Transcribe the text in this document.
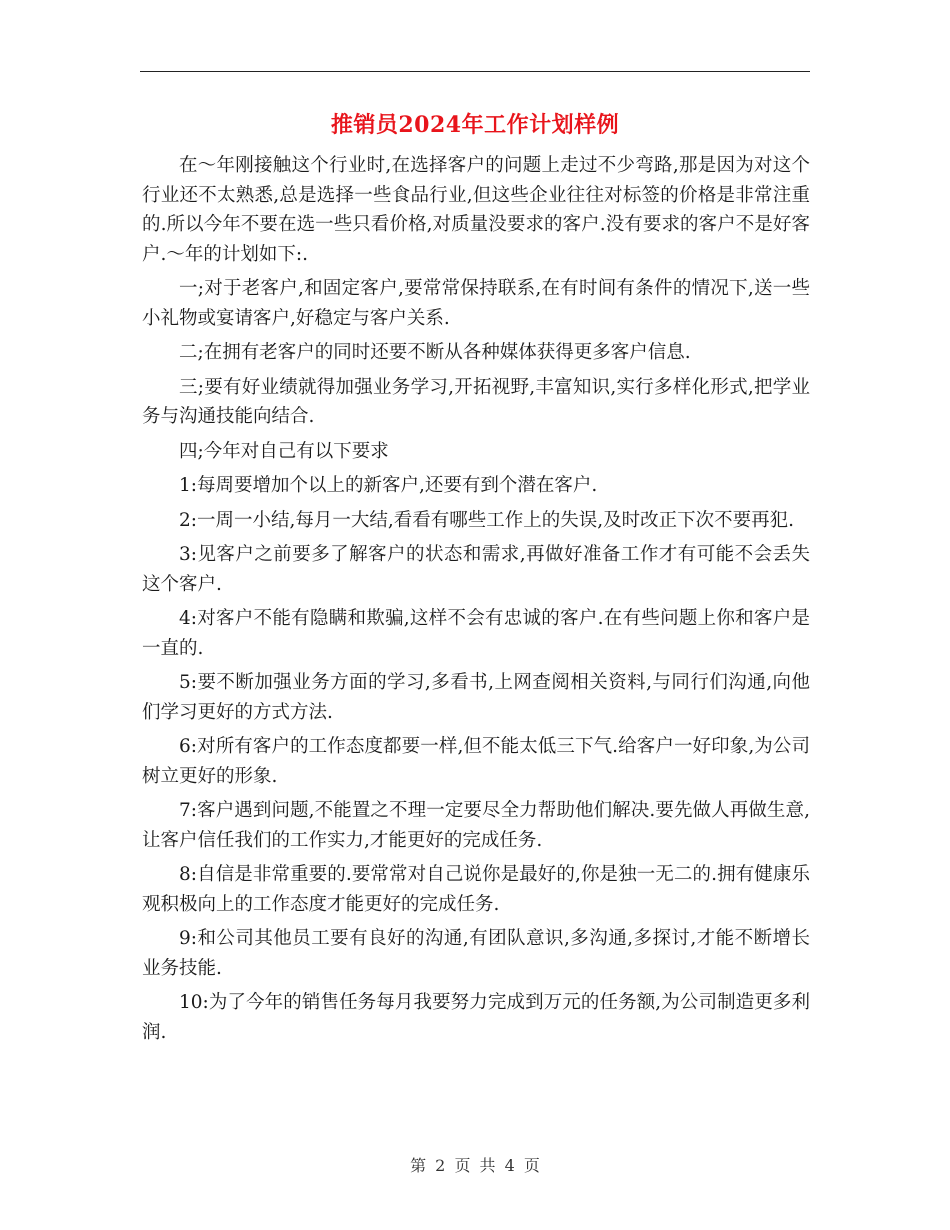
推销员2024年工作计划样例

在～年刚接触这个行业时,在选择客户的问题上走过不少弯路,那是因为对这个行业还不太熟悉,总是选择一些食品行业,但这些企业往往对标签的价格是非常注重的.所以今年不要在选一些只看价格,对质量没要求的客户.没有要求的客户不是好客户.～年的计划如下:.

一;对于老客户,和固定客户,要常常保持联系,在有时间有条件的情况下,送一些小礼物或宴请客户,好稳定与客户关系.

二;在拥有老客户的同时还要不断从各种媒体获得更多客户信息.

三;要有好业绩就得加强业务学习,开拓视野,丰富知识,实行多样化形式,把学业务与沟通技能向结合.

四;今年对自己有以下要求

1:每周要增加个以上的新客户,还要有到个潜在客户.

2:一周一小结,每月一大结,看看有哪些工作上的失误,及时改正下次不要再犯.

3:见客户之前要多了解客户的状态和需求,再做好准备工作才有可能不会丢失这个客户.

4:对客户不能有隐瞒和欺骗,这样不会有忠诚的客户.在有些问题上你和客户是一直的.

5:要不断加强业务方面的学习,多看书,上网查阅相关资料,与同行们沟通,向他们学习更好的方式方法.

6:对所有客户的工作态度都要一样,但不能太低三下气.给客户一好印象,为公司树立更好的形象.

7:客户遇到问题,不能置之不理一定要尽全力帮助他们解决.要先做人再做生意,让客户信任我们的工作实力,才能更好的完成任务.

8:自信是非常重要的.要常常对自己说你是最好的,你是独一无二的.拥有健康乐观积极向上的工作态度才能更好的完成任务.

9:和公司其他员工要有良好的沟通,有团队意识,多沟通,多探讨,才能不断增长业务技能.

10:为了今年的销售任务每月我要努力完成到万元的任务额,为公司制造更多利润.

第 2 页 共 4 页
